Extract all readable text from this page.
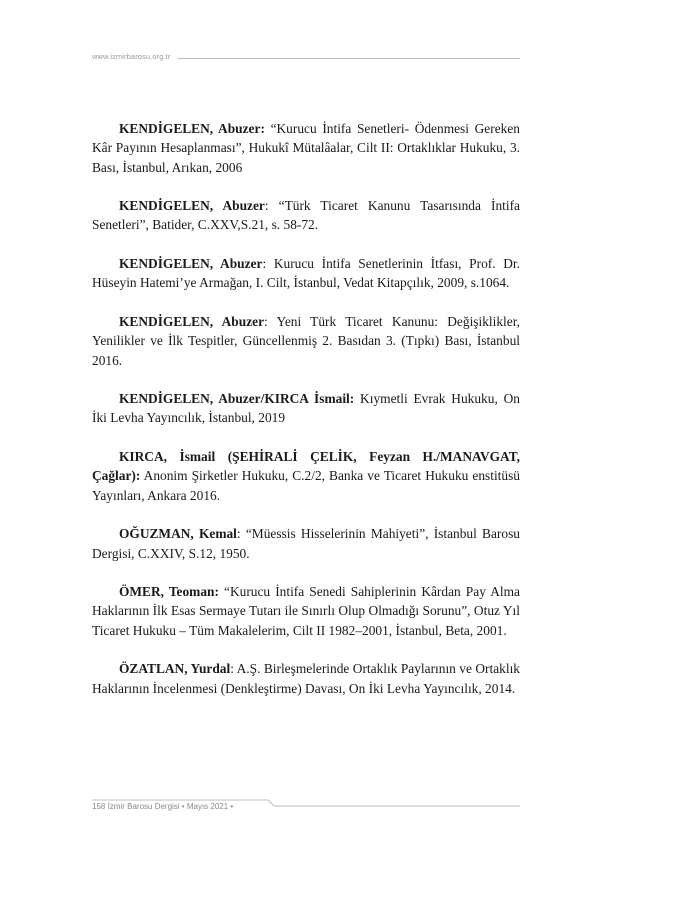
www.izmirbarosu.org.tr

KENDİGELEN, Abuzer: “Kurucu İntifa Senetleri- Ödenmesi Gereken Kâr Payının Hesaplanması”, Hukukî Mütalâalar, Cilt II: Ortaklıklar Hukuku, 3. Bası, İstanbul, Arıkan, 2006

KENDİGELEN, Abuzer: “Türk Ticaret Kanunu Tasarısında İntifa Senetleri”, Batider, C.XXV,S.21, s. 58-72.

KENDİGELEN, Abuzer: Kurucu İntifa Senetlerinin İtfası, Prof. Dr. Hüseyin Hatemi’ye Armağan, I. Cilt, İstanbul, Vedat Kitapçılık, 2009, s.1064.

KENDİGELEN, Abuzer: Yeni Türk Ticaret Kanunu: Değişiklikler, Yenilikler ve İlk Tespitler, Güncellenmiş 2. Basıdan 3. (Tıpkı) Bası, İstanbul 2016.

KENDİGELEN, Abuzer/KIRCA İsmail: Kıymetli Evrak Hukuku, On İki Levha Yayıncılık, İstanbul, 2019

KIRCA, İsmail (ŞEHİRALİ ÇELİK, Feyzan H./MANAVGAT, Çağlar): Anonim Şirketler Hukuku, C.2/2, Banka ve Ticaret Hukuku enstitüsü Yayınları, Ankara 2016.

OĞUZMAN, Kemal: “Müessis Hisselerinin Mahiyeti”, İstanbul Barosu Dergisi, C.XXIV, S.12, 1950.

ÖMER, Teoman: “Kurucu İntifa Senedi Sahiplerinin Kârdan Pay Alma Haklarının İlk Esas Sermaye Tutarı ile Sınırlı Olup Olmadığı Sorunu”, Otuz Yıl Ticaret Hukuku – Tüm Makalelerim, Cilt II 1982–2001, İstanbul, Beta, 2001.

ÖZATLAN, Yurdal: A.Ş. Birleşmelerinde Ortaklık Paylarının ve Ortaklık Haklarının İncelenmesi (Denkleştirme) Davası, On İki Levha Yayıncılık, 2014.

158 İzmir Barosu Dergisi • Mayıs 2021 •
